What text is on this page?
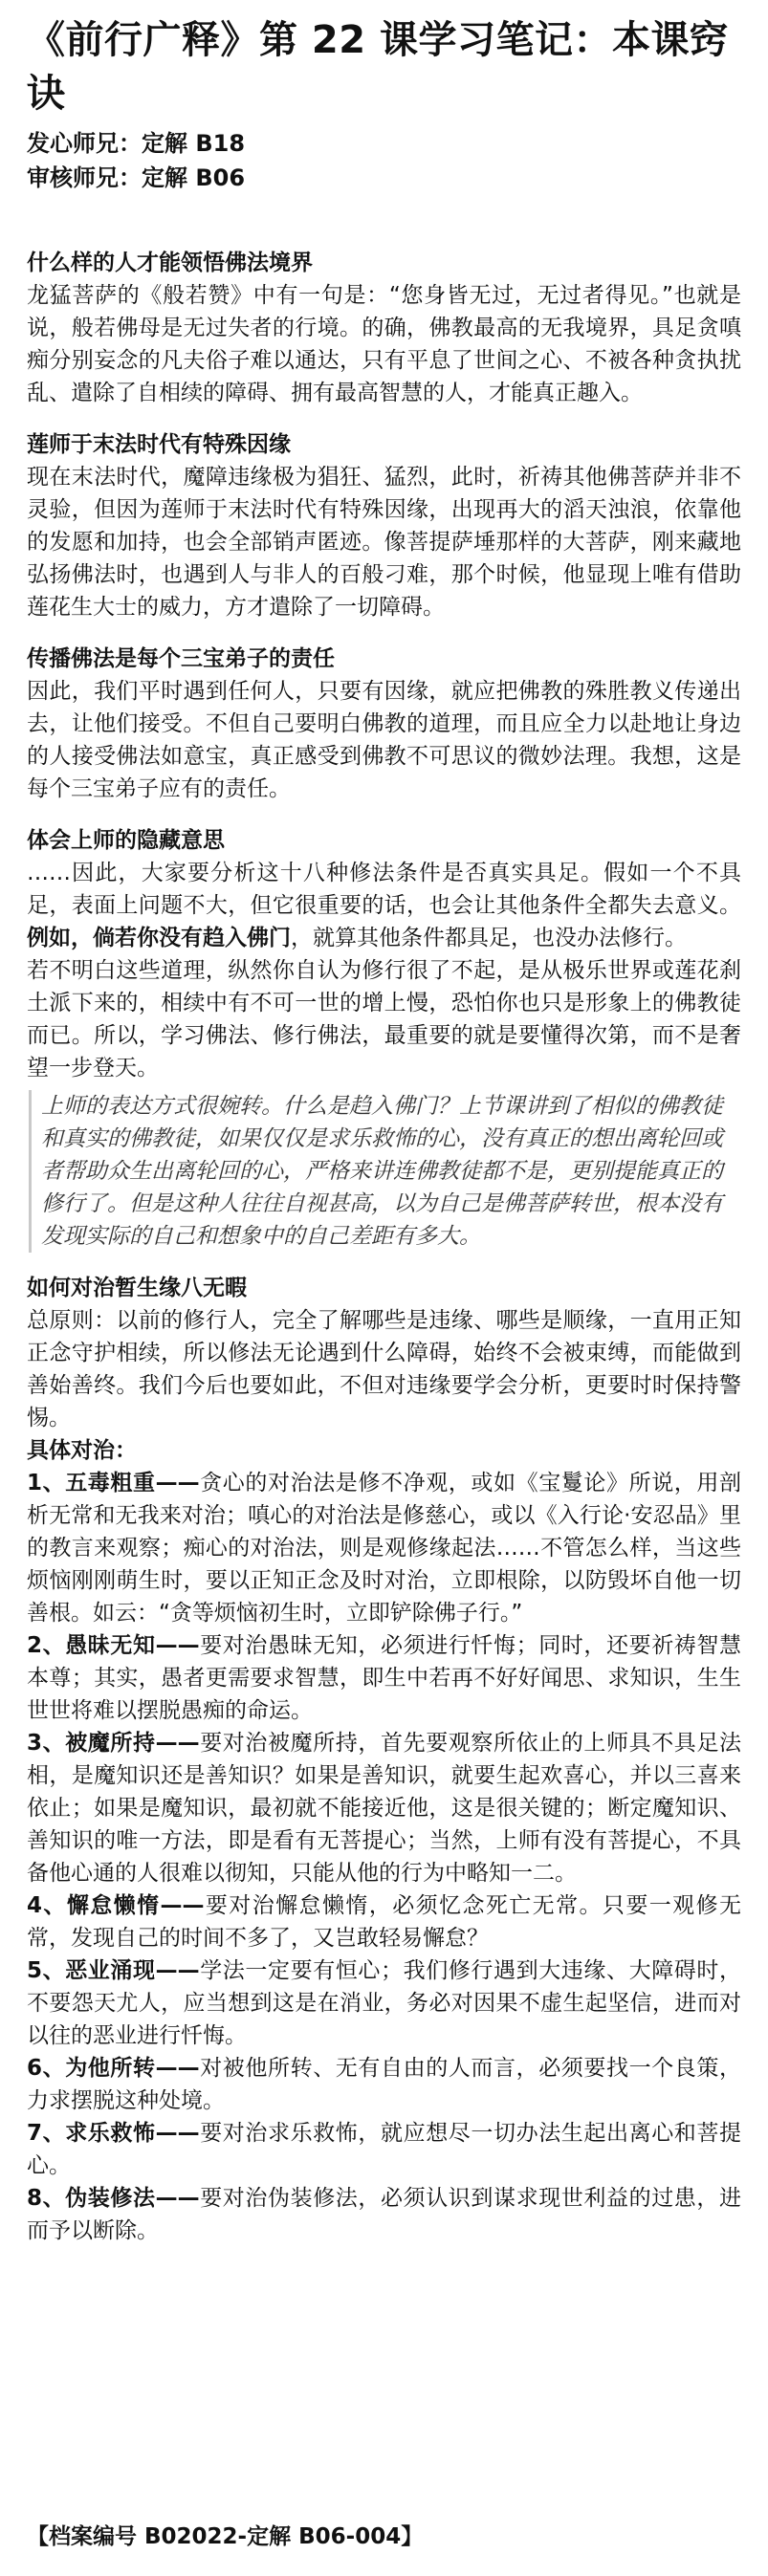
《前行广释》第 22 课学习笔记：本课窍诀
发心师兄：定解 B18
审核师兄：定解 B06
什么样的人才能领悟佛法境界

龙猛菩萨的《般若赞》中有一句是：“您身皆无过，无过者得见。”也就是说，般若佛母是无过失者的行境。的确，佛教最高的无我境界，具足贪嗔痴分别妄念的凡夫俗子难以通达，只有平息了世间之心、不被各种贪执扰乱、遣除了自相续的障碍、拥有最高智慧的人，才能真正趣入。

莲师于末法时代有特殊因缘

现在末法时代，魔障违缘极为猖狂、猛烈，此时，祈祷其他佛菩萨并非不灵验，但因为莲师于末法时代有特殊因缘，出现再大的滔天浊浪，依靠他的发愿和加持，也会全部销声匿迹。像菩提萨埵那样的大菩萨，刚来藏地弘扬佛法时，也遇到人与非人的百般刁难，那个时候，他显现上唯有借助莲花生大士的威力，方才遣除了一切障碍。

传播佛法是每个三宝弟子的责任

因此，我们平时遇到任何人，只要有因缘，就应把佛教的殊胜教义传递出去，让他们接受。不但自己要明白佛教的道理，而且应全力以赴地让身边的人接受佛法如意宝，真正感受到佛教不可思议的微妙法理。我想，这是每个三宝弟子应有的责任。

体会上师的隐藏意思

……因此，大家要分析这十八种修法条件是否真实具足。假如一个不具足，表面上问题不大，但它很重要的话，也会让其他条件全都失去意义。例如，倘若你没有趋入佛门，就算其他条件都具足，也没办法修行。

若不明白这些道理，纵然你自认为修行很了不起，是从极乐世界或莲花刹土派下来的，相续中有不可一世的增上慢，恐怕你也只是形象上的佛教徒而已。所以，学习佛法、修行佛法，最重要的就是要懂得次第，而不是奢望一步登天。

上师的表达方式很婉转。什么是趋入佛门？上节课讲到了相似的佛教徒和真实的佛教徒，如果仅仅是求乐救怖的心，没有真正的想出离轮回或者帮助众生出离轮回的心，严格来讲连佛教徒都不是，更别提能真正的修行了。但是这种人往往自视甚高，以为自己是佛菩萨转世，根本没有发现实际的自己和想象中的自己差距有多大。
如何对治暂生缘八无暇

总原则：以前的修行人，完全了解哪些是违缘、哪些是顺缘，一直用正知正念守护相续，所以修法无论遇到什么障碍，始终不会被束缚，而能做到善始善终。我们今后也要如此，不但对违缘要学会分析，更要时时保持警惕。

具体对治：

1、五毒粗重——贪心的对治法是修不净观，或如《宝鬘论》所说，用剖析无常和无我来对治；嗔心的对治法是修慈心，或以《入行论·安忍品》里的教言来观察；痴心的对治法，则是观修缘起法……不管怎么样，当这些烦恼刚刚萌生时，要以正知正念及时对治，立即根除，以防毁坏自他一切善根。如云：“贪等烦恼初生时，立即铲除佛子行。”

2、愚昧无知——要对治愚昧无知，必须进行忏悔；同时，还要祈祷智慧本尊；其实，愚者更需要求智慧，即生中若再不好好闻思、求知识，生生世世将难以摆脱愚痴的命运。

3、被魔所持——要对治被魔所持，首先要观察所依止的上师具不具足法相，是魔知识还是善知识？如果是善知识，就要生起欢喜心，并以三喜来依止；如果是魔知识，最初就不能接近他，这是很关键的；断定魔知识、善知识的唯一方法，即是看有无菩提心；当然，上师有没有菩提心，不具备他心通的人很难以彻知，只能从他的行为中略知一二。

4、懈怠懒惰——要对治懈怠懒惰，必须忆念死亡无常。只要一观修无常，发现自己的时间不多了，又岂敢轻易懈怠？

5、恶业涌现——学法一定要有恒心；我们修行遇到大违缘、大障碍时，不要怨天尤人，应当想到这是在消业，务必对因果不虚生起坚信，进而对以往的恶业进行忏悔。

6、为他所转——对被他所转、无有自由的人而言，必须要找一个良策，力求摆脱这种处境。

7、求乐救怖——要对治求乐救怖，就应想尽一切办法生起出离心和菩提心。

8、伪装修法——要对治伪装修法，必须认识到谋求现世利益的过患，进而予以断除。

【档案编号 B02022-定解 B06-004】
